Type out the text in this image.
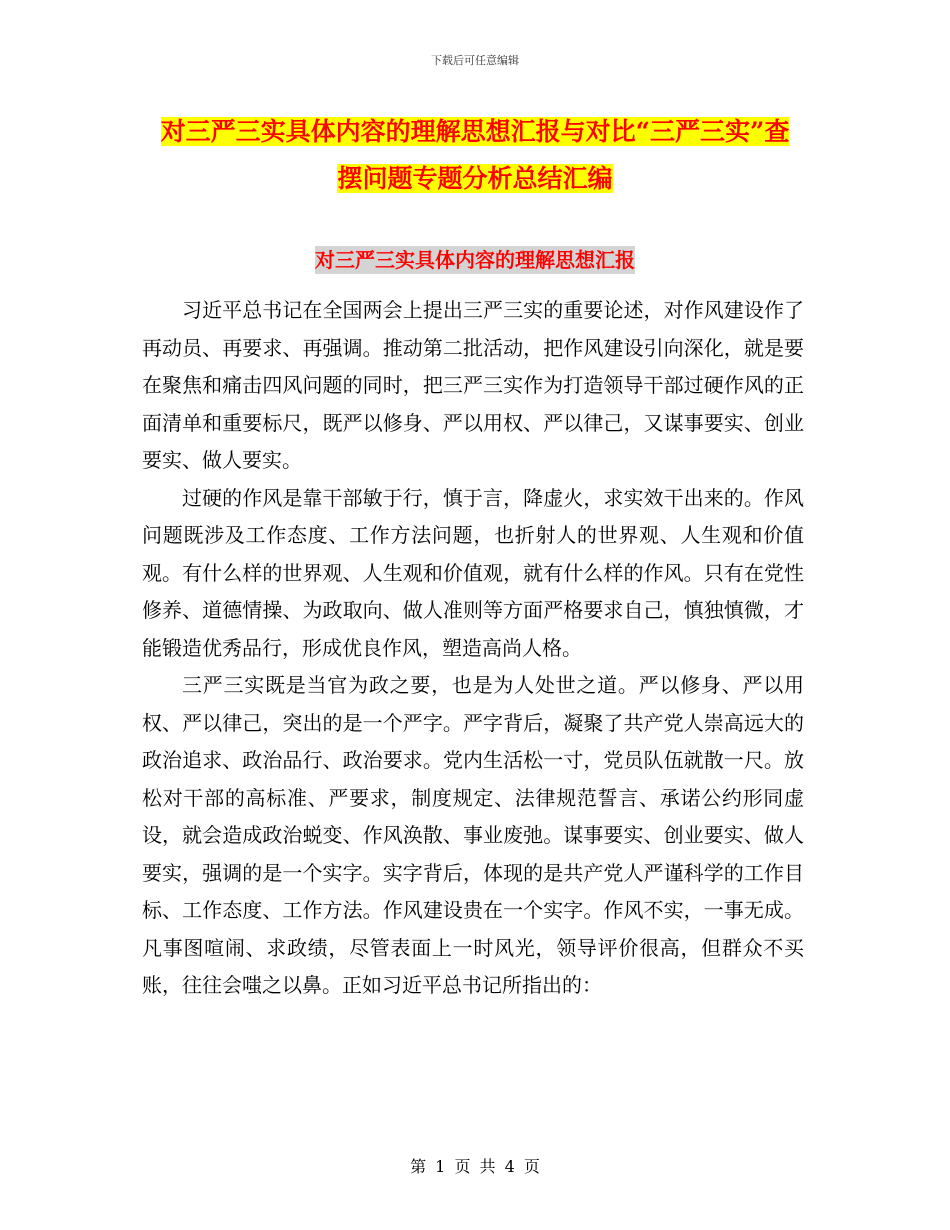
下载后可任意编辑
对三严三实具体内容的理解思想汇报与对比“三严三实”查摆问题专题分析总结汇编
对三严三实具体内容的理解思想汇报

习近平总书记在全国两会上提出三严三实的重要论述，对作风建设作了再动员、再要求、再强调。推动第二批活动，把作风建设引向深化，就是要在聚焦和痛击四风问题的同时，把三严三实作为打造领导干部过硬作风的正面清单和重要标尺，既严以修身、严以用权、严以律己，又谋事要实、创业要实、做人要实。

过硬的作风是靠干部敏于行，慎于言，降虚火，求实效干出来的。作风问题既涉及工作态度、工作方法问题，也折射人的世界观、人生观和价值观。有什么样的世界观、人生观和价值观，就有什么样的作风。只有在党性修养、道德情操、为政取向、做人准则等方面严格要求自己，慎独慎微，才能锻造优秀品行，形成优良作风，塑造高尚人格。

三严三实既是当官为政之要，也是为人处世之道。严以修身、严以用权、严以律己，突出的是一个严字。严字背后，凝聚了共产党人崇高远大的政治追求、政治品行、政治要求。党内生活松一寸，党员队伍就散一尺。放松对干部的高标准、严要求，制度规定、法律规范誓言、承诺公约形同虚设，就会造成政治蜕变、作风涣散、事业废弛。谋事要实、创业要实、做人要实，强调的是一个实字。实字背后，体现的是共产党人严谨科学的工作目标、工作态度、工作方法。作风建设贵在一个实字。作风不实，一事无成。凡事图喧闹、求政绩，尽管表面上一时风光，领导评价很高，但群众不买账，往往会嗤之以鼻。正如习近平总书记所指出的：

第 1 页 共 4 页
